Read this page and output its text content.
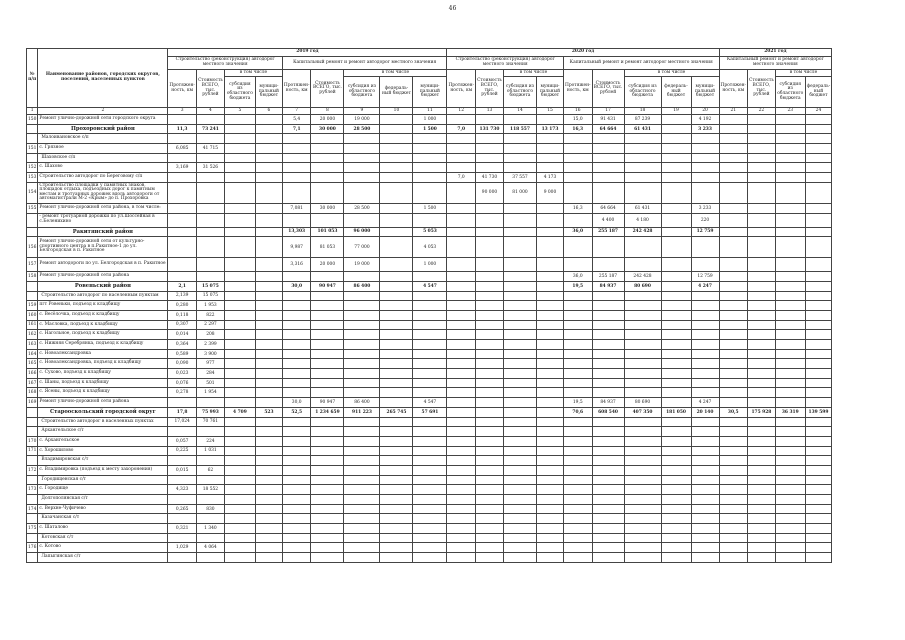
46
№ п/п	Наименование районов, городских округов, поселений, населенных пунктов	2019 год									2020 год									2021 год			
		Строительство (реконструкция) автодорог местного значения				Капитальный ремонт и ремонт автодорог местного значения					Строительство (реконструкция) автодорог местного значения				Капитальный ремонт и ремонт автодорог местного значения					Капитальный ремонт и ремонт автодорог местного значения			
		Протяжен-ность, км	Стоимость ВСЕГО, тыс. рублей	в том числе		Протяжен-ность, км	Стоимость ВСЕГО, тыс. рублей	в том числе			Протяжен-ность, км	Стоимость ВСЕГО, тыс. рублей	в том числе		Протяжен-ность, км	Стоимость ВСЕГО, тыс. рублей	в том числе			Протяжен-ность, км	Стоимость ВСЕГО, тыс. рублей	в том числе	
				субсидия из областного бюджета	муници-пальный бюджет			субсидия из областного бюджета	федераль-ный бюджет	муници-пальный бюджет			субсидия из областного бюджета	муници-пальный бюджет			субсидия из областного бюджета	федераль-ный бюджет	муници-пальный бюджет			субсидия из областного бюджета	федераль-ный бюджет
1	2	3	4	5	6	7	8	9	10	11	12	13	14	15	16	17	18	19	20	21	22	23	24
150	Ремонт улично-дорожной сети городского округа					5,4	20 000	19 000		1 000					15,0	91 431	87 239		4 192				
	Прохоровский район	11,3	73 241			7,1	30 000	28 500		1 500	7,0	131 730	118 557	13 173	16,3	64 664	61 431		3 233				
	Малоивановское с/п																						
151	с. Грязное	6,085	41 715																				
	Шаховское с/п																						
152	с. Шахово	3,169	31 526																				
153	Строительство автодорог по Береговому с/п										7,0	41 730	37 557	4 173									
154	Строительство площадки у памятных знаков, площадок отдыха, подъездных дорог к памятным местам и тротуарных дорожек вдоль автодороги от автомагистрали М-2 «Крым» до п. Прохоровка											90 000	81 000	9 000									
155	Ремонт улично-дорожной сети района, в том числе:					7,081	30 000	28 500		1 500					16,3	64 664	61 431		3 233				
	- ремонт тротуарной дорожки по ул.Шоссейная в с.Беленихино															4 400	4 180		220				
	Ракитянский район					13,303	101 053	96 000		5 053					36,0	255 187	242 428		12 759				
156	Ремонт улично-дорожной сети от культурно-спортивного центра в п.Ракитное-1 до ул. Белгородская в п. Ракитное					9,987	81 053	77 000		4 053													
157	Ремонт автодороги по ул. Белгородская в п. Ракитное					3,316	20 000	19 000		1 000													
158	Ремонт улично-дорожной сети района														36,0	255 187	242 428		12 759				
	Ровеньский район	2,1	15 075			30,0	90 947	86 400		4 547					19,5	84 937	80 690		4 247				
	Строительство автодорог по населенным пунктам	2,139	15 075																				
159	пгт Ровеньки, подъезд к кладбищу	0,280	1 953																				
160	с. Весёлочка, подъезд к кладбищу	0,118	822																				
161	с. Масловка, подъезд к кладбищу	0,307	2 297																				
162	с. Нагольное, подъезд к кладбищу	0,014	208																				
163	с. Нижняя Серебрянка, подъезд к кладбищу	0,364	2 399																				
164	с. Новоалександровка	0,589	3 900																				
165	с. Новоалександровка, подъезд к кладбищу	0,090	977																				
166	с. Сухово, подъезд к кладбищу	0,023	284																				
167	с. Шаны, подъезд к кладбищу	0,076	501																				
168	с. Ясены, подъезд к кладбищу	0,278	1 954																				
169	Ремонт улично-дорожной сети района					30,0	90 947	86 400		4 547					19,5	84 937	80 690		4 247				
	Старооскольский городской округ	17,8	75 993	4 709	523	52,5	1 234 659	911 223	265 745	57 691					70,6	608 540	407 350	181 050	20 140	30,5	175 928	36 319	139 599
	Строительство автодорог в населенных пунктах	17,024	70 761																				
	Архангельское с/т																						
170	с. Архангельское	0,057	224																				
171	с. Хорошилово	0,225	1 031																				
	Владимировская с/т																						
172	с. Владимировка (подъезд к месту захоронения)	0,015	62																				
	Городищенская с/т																						
173	с. Городище	4,323	18 552																				
	Долгополянская с/т																						
174	с. Верхне-Чуфичево	0,265	830																				
	Казачанская с/т																						
175	с. Шаталово	0,321	1 340																				
	Котовская с/т																						
176	с. Котово	1,029	4 064																				
	Лапыгинская с/т																						
